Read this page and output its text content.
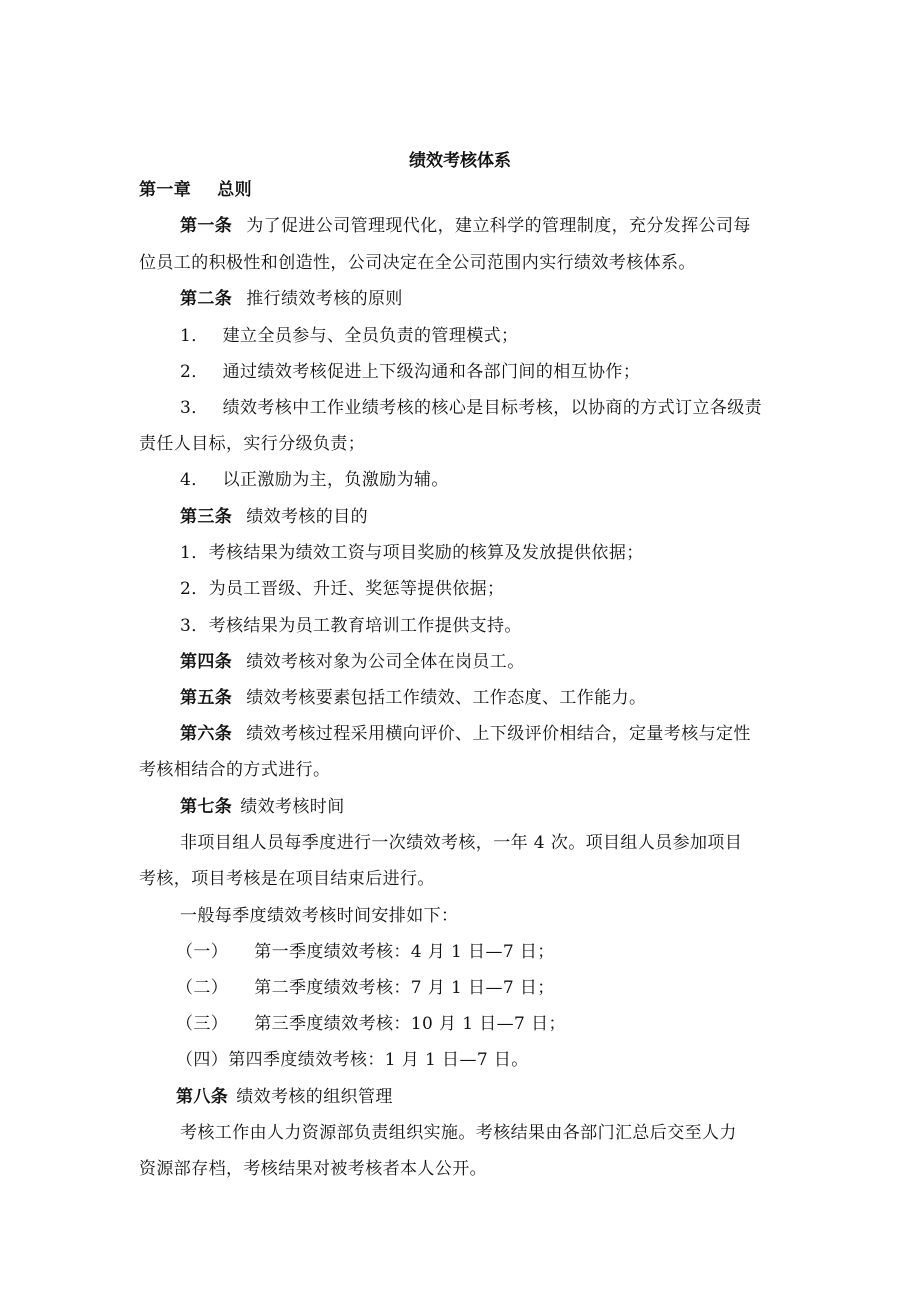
绩效考核体系
第一章 总则
第一条 为了促进公司管理现代化，建立科学的管理制度，充分发挥公司每
位员工的积极性和创造性，公司决定在全公司范围内实行绩效考核体系。
第二条 推行绩效考核的原则
1． 建立全员参与、全员负责的管理模式；
2． 通过绩效考核促进上下级沟通和各部门间的相互协作；
3． 绩效考核中工作业绩考核的核心是目标考核，以协商的方式订立各级责
责任人目标，实行分级负责；
4． 以正激励为主，负激励为辅。
第三条 绩效考核的目的
1．考核结果为绩效工资与项目奖励的核算及发放提供依据；
2．为员工晋级、升迁、奖惩等提供依据；
3．考核结果为员工教育培训工作提供支持。
第四条 绩效考核对象为公司全体在岗员工。
第五条 绩效考核要素包括工作绩效、工作态度、工作能力。
第六条 绩效考核过程采用横向评价、上下级评价相结合，定量考核与定性
考核相结合的方式进行。
第七条 绩效考核时间
非项目组人员每季度进行一次绩效考核，一年 4 次。项目组人员参加项目
考核，项目考核是在项目结束后进行。
一般每季度绩效考核时间安排如下：
（一） 第一季度绩效考核：4 月 1 日—7 日；
（二） 第二季度绩效考核：7 月 1 日—7 日；
（三） 第三季度绩效考核：10 月 1 日—7 日；
（四）第四季度绩效考核：1 月 1 日—7 日。
第八条 绩效考核的组织管理
考核工作由人力资源部负责组织实施。考核结果由各部门汇总后交至人力
资源部存档，考核结果对被考核者本人公开。
